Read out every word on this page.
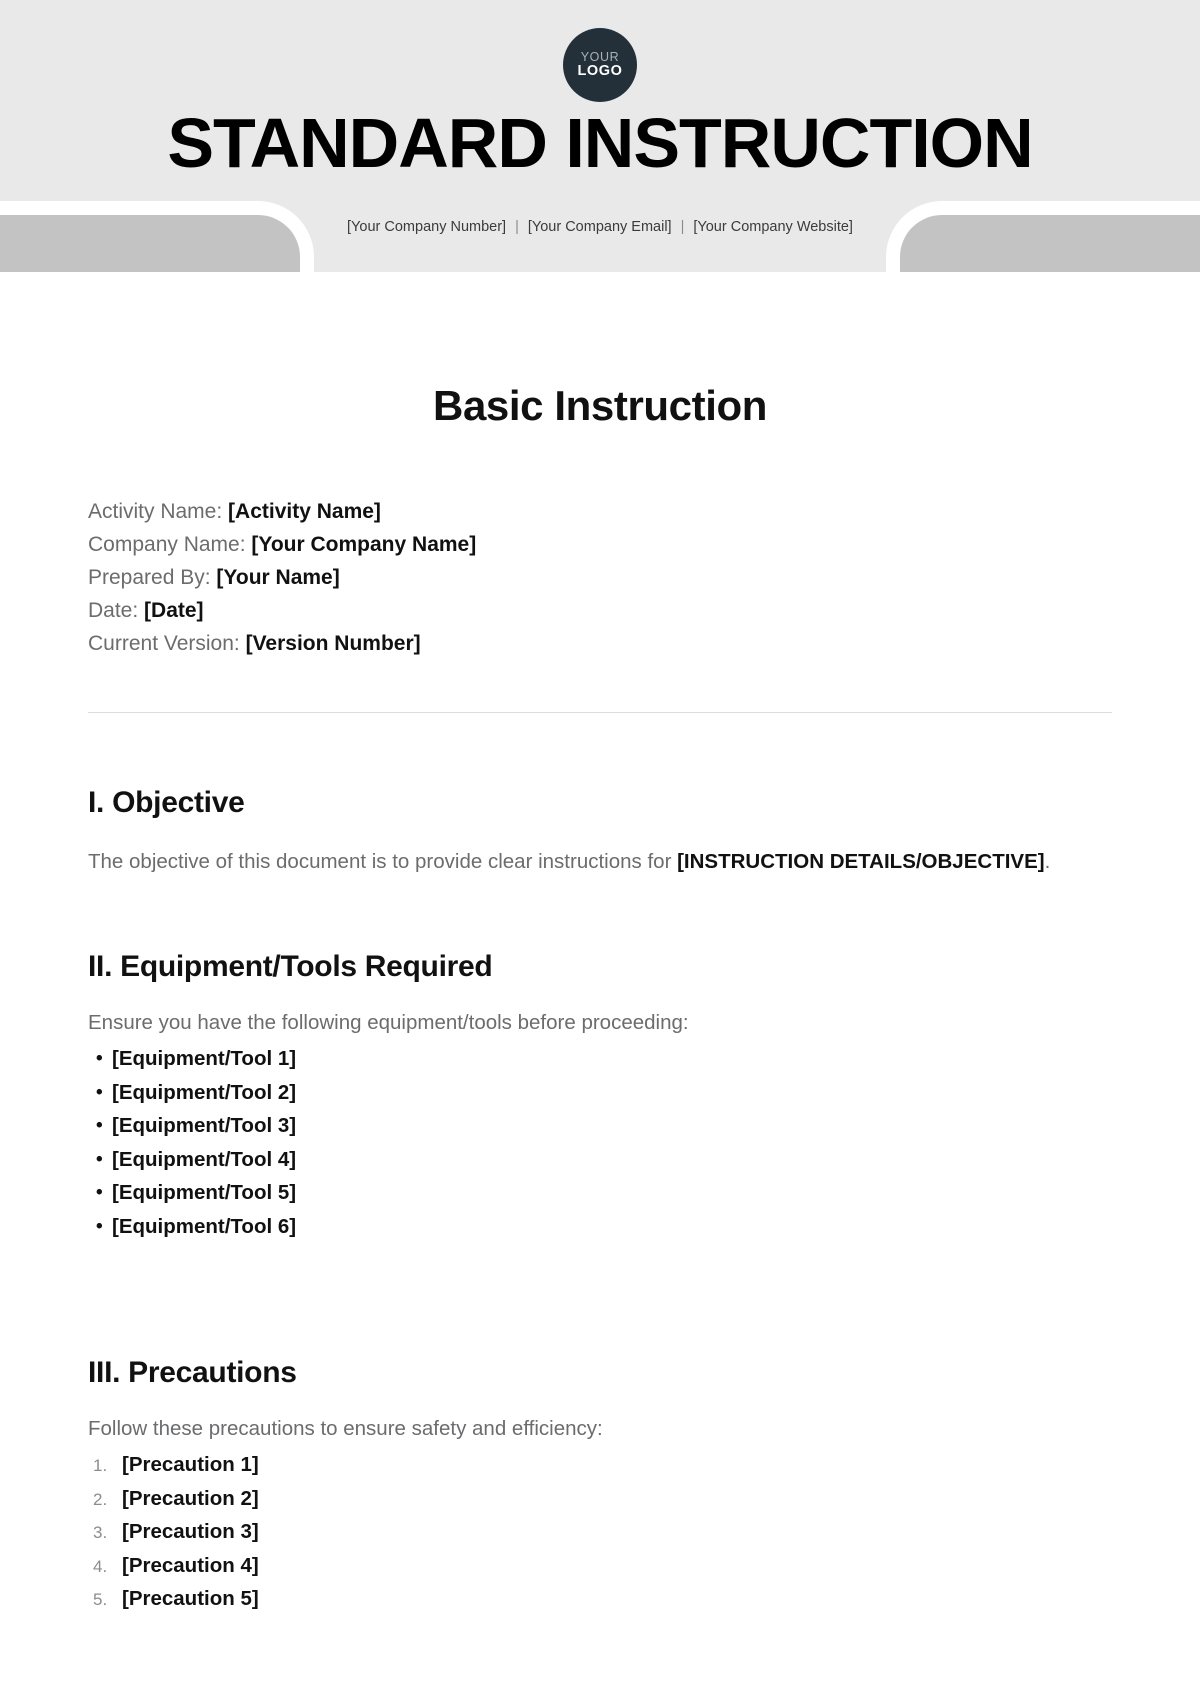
YOUR
LOGO
STANDARD INSTRUCTION
[Your Company Number] | [Your Company Email] | [Your Company Website]
Basic Instruction
Activity Name: [Activity Name]
Company Name: [Your Company Name]
Prepared By: [Your Name]
Date: [Date]
Current Version: [Version Number]
I. Objective

The objective of this document is to provide clear instructions for [INSTRUCTION DETAILS/OBJECTIVE].

II. Equipment/Tools Required

Ensure you have the following equipment/tools before proceeding:

• [Equipment/Tool 1]
• [Equipment/Tool 2]
• [Equipment/Tool 3]
• [Equipment/Tool 4]
• [Equipment/Tool 5]
• [Equipment/Tool 6]
III. Precautions

Follow these precautions to ensure safety and efficiency:

[Precaution 1]
[Precaution 2]
[Precaution 3]
[Precaution 4]
[Precaution 5]
